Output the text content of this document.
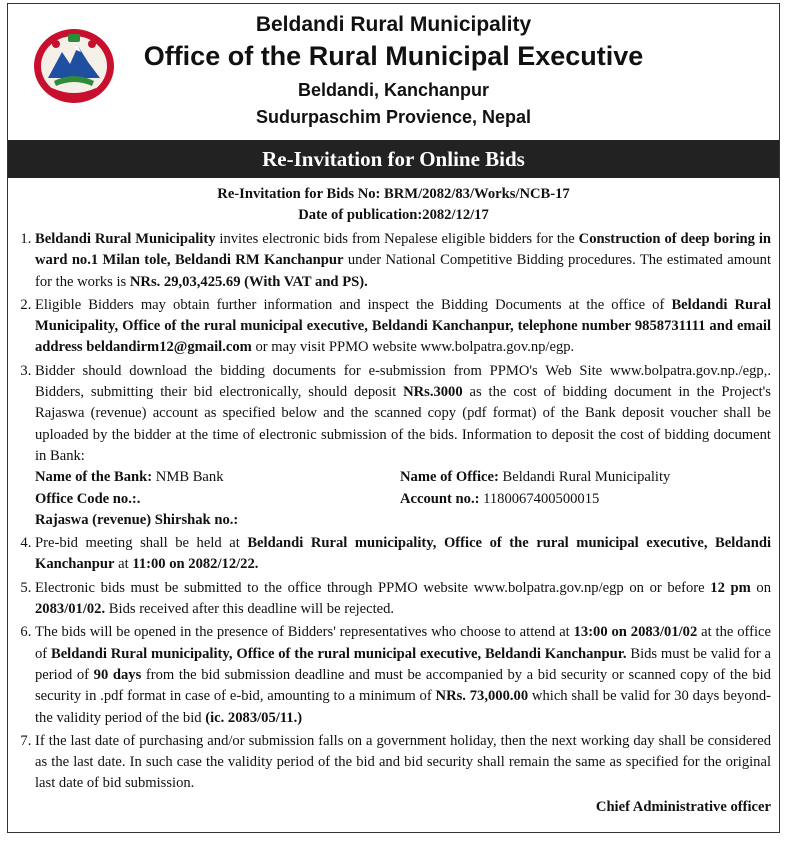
Beldandi Rural Municipality
Office of the Rural Municipal Executive
Beldandi, Kanchanpur
Sudurpaschim Provience, Nepal
Re-Invitation for Online Bids
Re-Invitation for Bids No: BRM/2082/83/Works/NCB-17
Date of publication:2082/12/17
1. Beldandi Rural Municipality invites electronic bids from Nepalese eligible bidders for the Construction of deep boring in ward no.1 Milan tole, Beldandi RM Kanchanpur under National Competitive Bidding procedures. The estimated amount for the works is NRs. 29,03,425.69 (With VAT and PS).
2. Eligible Bidders may obtain further information and inspect the Bidding Documents at the office of Beldandi Rural Municipality, Office of the rural municipal executive, Beldandi Kanchanpur, telephone number 9858731111 and email address beldandirm12@gmail.com or may visit PPMO website www.bolpatra.gov.np/egp.
3. Bidder should download the bidding documents for e-submission from PPMO's Web Site www.bolpatra.gov.np./egp,. Bidders, submitting their bid electronically, should deposit NRs.3000 as the cost of bidding document in the Project's Rajaswa (revenue) account as specified below and the scanned copy (pdf format) of the Bank deposit voucher shall be uploaded by the bidder at the time of electronic submission of the bids. Information to deposit the cost of bidding document in Bank:
Name of the Bank: NMB Bank	Name of Office: Beldandi Rural Municipality
Office Code no.:.	Account no.: 1180067400500015
Rajaswa (revenue) Shirshak no.:
4. Pre-bid meeting shall be held at Beldandi Rural municipality, Office of the rural municipal executive, Beldandi Kanchanpur at 11:00 on 2082/12/22.
5. Electronic bids must be submitted to the office through PPMO website www.bolpatra.gov.np/egp on or before 12 pm on 2083/01/02. Bids received after this deadline will be rejected.
6. The bids will be opened in the presence of Bidders' representatives who choose to attend at 13:00 on 2083/01/02 at the office of Beldandi Rural municipality, Office of the rural municipal executive, Beldandi Kanchanpur. Bids must be valid for a period of 90 days from the bid submission deadline and must be accompanied by a bid security or scanned copy of the bid security in .pdf format in case of e-bid, amounting to a minimum of NRs. 73,000.00 which shall be valid for 30 days beyond-the validity period of the bid (ic. 2083/05/11.)
7. If the last date of purchasing and/or submission falls on a government holiday, then the next working day shall be considered as the last date. In such case the validity period of the bid and bid security shall remain the same as specified for the original last date of bid submission.
Chief Administrative officer
